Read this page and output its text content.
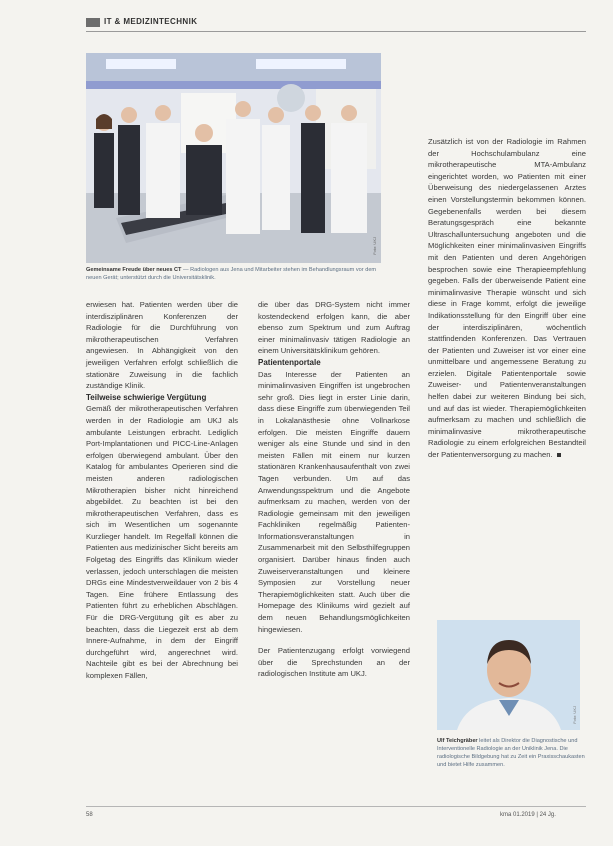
IT & MEDIZINTECHNIK
Foto: UKJ
Gemeinsame Freude über neues CT — Radiologen aus Jena und Mitarbeiter stehen im Behandlungsraum vor dem neuen Gerät; unterstützt durch die Universitätsklinik.

erwiesen hat. Patienten werden über die interdisziplinären Konferenzen der Radiologie für die Durchführung von mikrotherapeutischen Verfahren angewiesen. In Abhängigkeit von den jeweiligen Verfahren erfolgt schließlich die stationäre Zuweisung in die fachlich zuständige Klinik.

Teilweise schwierige Vergütung

Gemäß der mikrotherapeutischen Verfahren werden in der Radiologie am UKJ als ambulante Leistungen erbracht. Lediglich Port-Implantationen und PICC-Line-Anlagen erfolgen überwiegend ambulant. Über den Katalog für ambulantes Operieren sind die meisten anderen radiologischen Mikrotherapien bisher nicht hinreichend abgebildet. Zu beachten ist bei den mikrotherapeutischen Verfahren, dass es sich im Wesentlichen um sogenannte Kurzlieger handelt. Im Regelfall können die Patienten aus medizinischer Sicht bereits am Folgetag des Eingriffs das Klinikum wieder verlassen, jedoch unterschlagen die meisten DRGs eine Mindestverweildauer von 2 bis 4 Tagen. Eine frühere Entlassung des Patienten führt zu erheblichen Abschlägen. Für die DRG-Vergütung gilt es aber zu beachten, dass die Liegezeit erst ab dem Innere-Aufnahme, in dem der Eingriff durchgeführt wird, angerechnet wird. Nachteile gibt es bei der Abrechnung bei komplexen Fällen,

die über das DRG-System nicht immer kostendeckend erfolgen kann, die aber ebenso zum Spektrum und zum Auftrag einer minimalinvasiv tätigen Radiologie an einem Universitätsklinikum gehören.

Patientenportale

Das Interesse der Patienten an minimalinvasiven Eingriffen ist ungebrochen sehr groß. Dies liegt in erster Linie darin, dass diese Eingriffe zum überwiegenden Teil in Lokalanästhesie ohne Vollnarkose erfolgen. Die meisten Eingriffe dauern weniger als eine Stunde und sind in den meisten Fällen mit einem nur kurzen stationären Krankenhausaufenthalt von zwei Tagen verbunden. Um auf das Anwendungsspektrum und die Angebote aufmerksam zu machen, werden von der Radiologie gemeinsam mit den jeweiligen Fachkliniken regelmäßig Patienten-Informationsveranstaltungen in Zusammenarbeit mit den Selbsthilfegruppen organisiert. Darüber hinaus finden auch Zuweiserveranstaltungen und kleinere Symposien zur Vorstellung neuer Therapiemöglichkeiten statt. Auch über die Homepage des Klinikums wird gezielt auf dem neuen Behandlungsmöglichkeiten hingewiesen.

Der Patientenzugang erfolgt vorwiegend über die Sprechstunden an der radiologischen Institute am UKJ.

Zusätzlich ist von der Radiologie im Rahmen der Hochschulambulanz eine mikrotherapeutische MTA-Ambulanz eingerichtet worden, wo Patienten mit einer Überweisung des niedergelassenen Arztes einen Vorstellungstermin bekommen können. Gegebenenfalls werden bei diesem Beratungsgespräch eine bekannte Ultraschalluntersuchung angeboten und die Möglichkeiten einer minimalinvasiven Eingriffs mit den Patienten und deren Angehörigen besprochen sowie eine Therapieempfehlung gegeben. Falls der überweisende Patient eine minimalinvasive Therapie wünscht und sich diese in Frage kommt, erfolgt die jeweilige Indikationsstellung für den Eingriff über eine der interdisziplinären, wöchentlich stattfindenden Konferenzen. Das Vertrauen der Patienten und Zuweiser ist vor einer eine unmittelbare und angemessene Beratung zu erzielen. Digitale Patientenportale sowie Zuweiser- und Patientenveranstaltungen helfen dabei zur weiteren Bindung bei sich, und auf das ist wieder. Therapiemöglichkeiten aufmerksam zu machen und schließlich die minimalinvasive mikrotherapeutische Radiologie zu einem erfolgreichen Bestandteil der Patientenversorgung zu machen.

Foto: UKJ
Ulf Teichgräber leitet als Direktor die Diagnostische und Interventionelle Radiologie an der Uniklinik Jena. Die radiologische Bildgebung hat zu Zeit ein Praxisschaukasten und bietet Hilfe zusammen.
58	kma 01.2019 | 24 Jg.
